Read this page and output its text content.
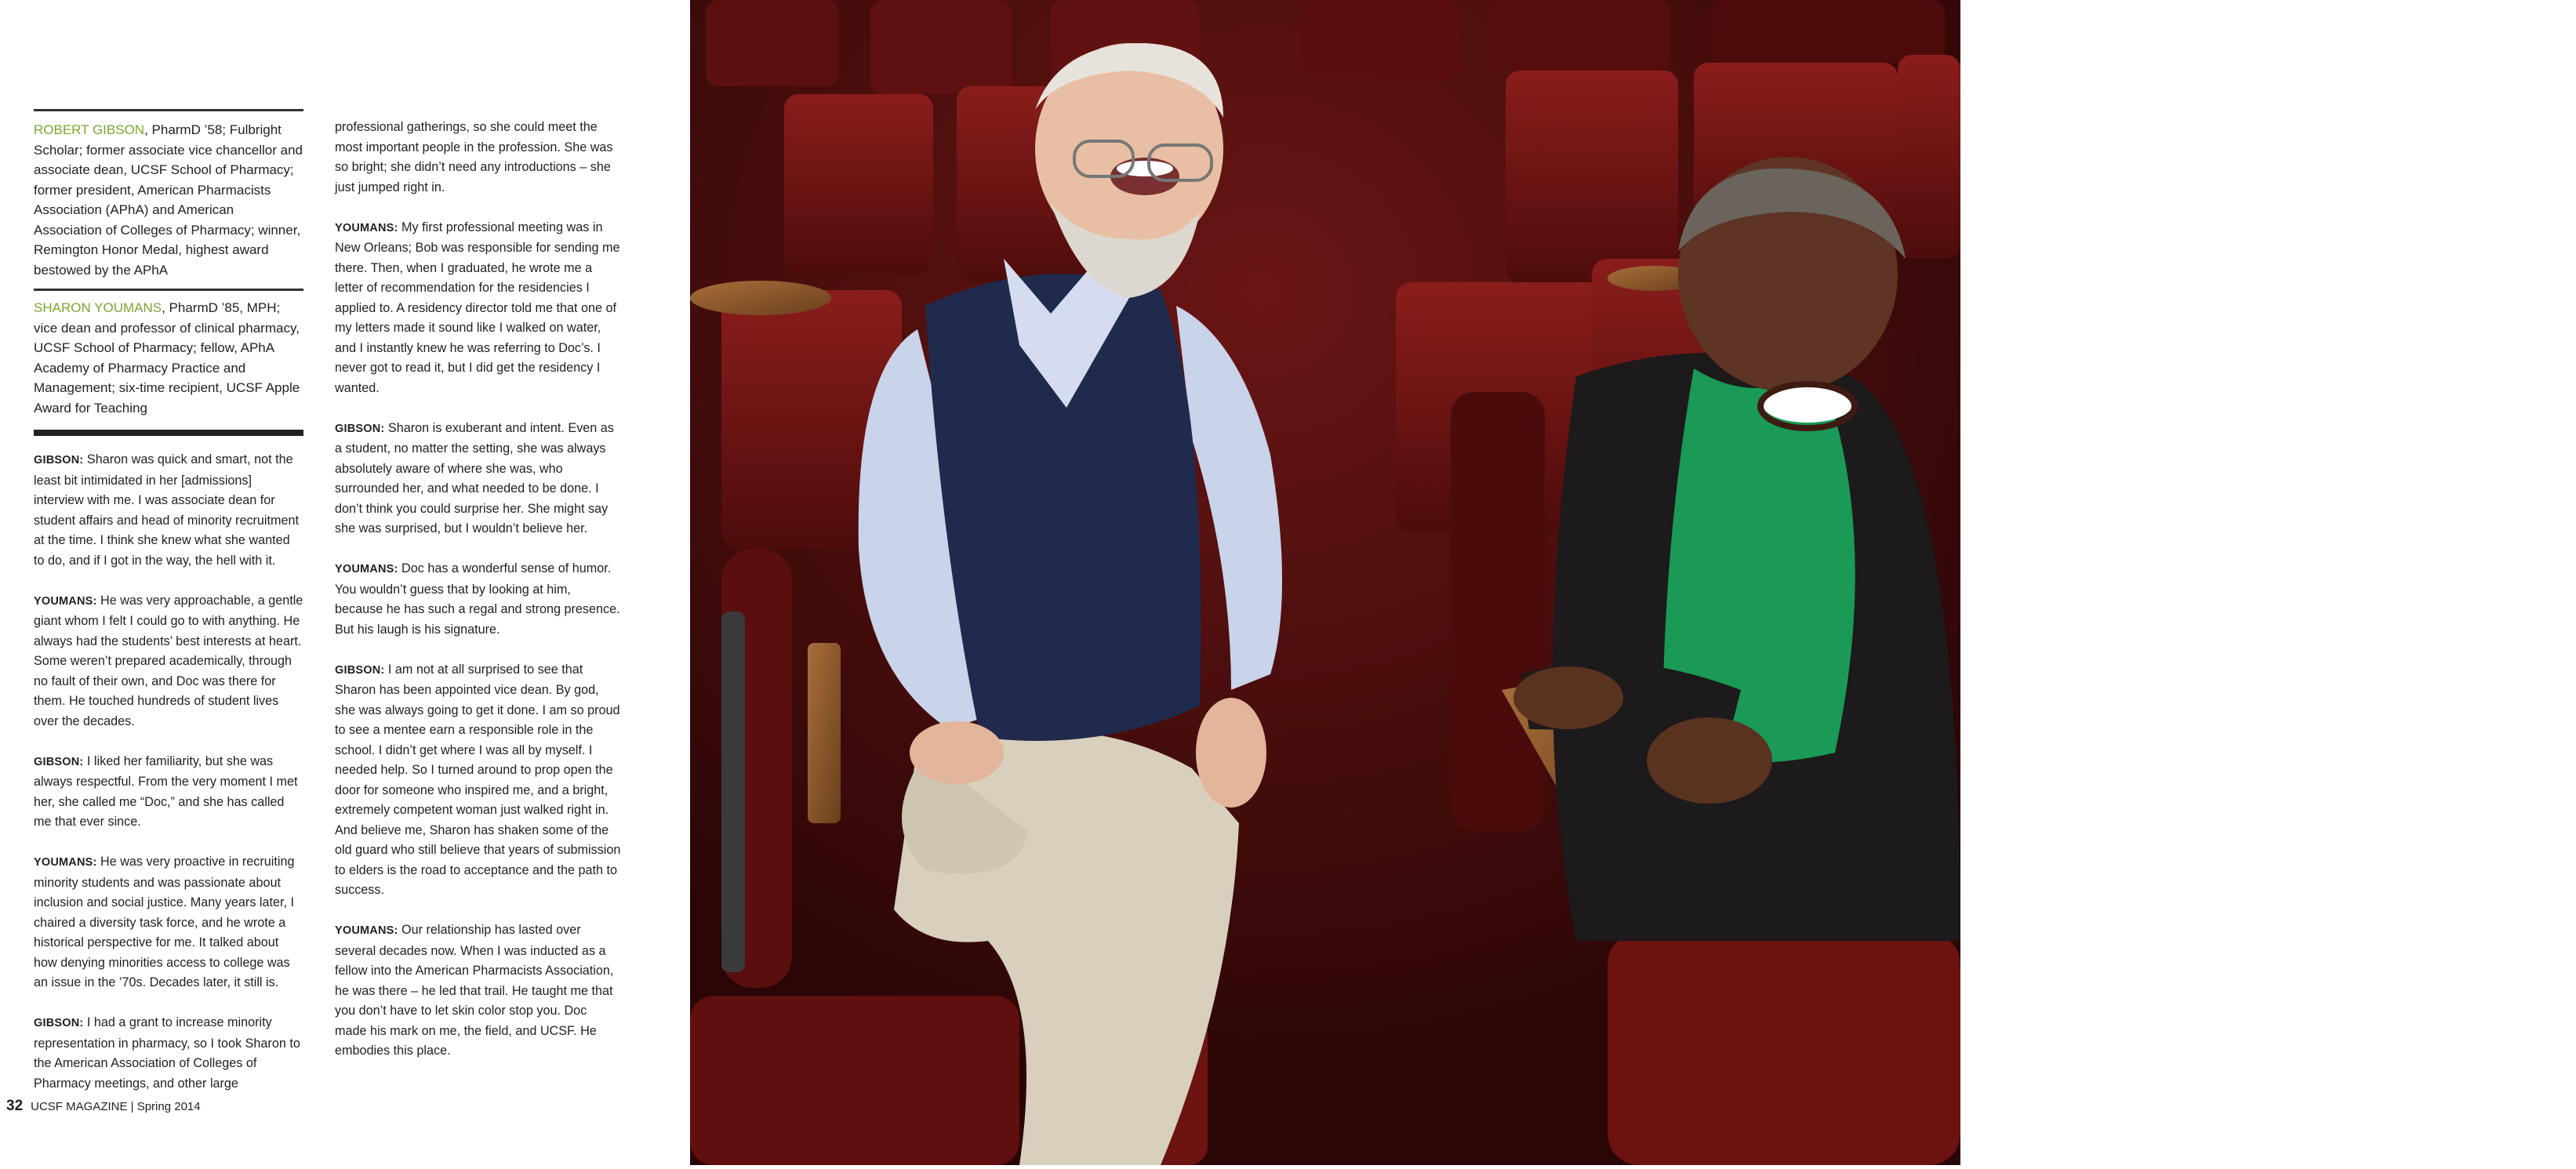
ROBERT GIBSON, PharmD ’58; Fulbright Scholar; former associate vice chancellor and associate dean, UCSF School of Pharmacy; former president, American Pharmacists Association (APhA) and American Association of Colleges of Pharmacy; winner, Remington Honor Medal, highest award bestowed by the APhA
SHARON YOUMANS, PharmD ’85, MPH; vice dean and professor of clinical pharmacy, UCSF School of Pharmacy; fellow, APhA Academy of Pharmacy Practice and Management; six-time recipient, UCSF Apple Award for Teaching

GIBSON: Sharon was quick and smart, not the least bit intimidated in her [admissions] interview with me. I was associate dean for student affairs and head of minority recruitment at the time. I think she knew what she wanted to do, and if I got in the way, the hell with it.

YOUMANS: He was very approachable, a gentle giant whom I felt I could go to with anything. He always had the students’ best interests at heart. Some weren’t prepared academically, through no fault of their own, and Doc was there for them. He touched hundreds of student lives over the decades.

GIBSON: I liked her familiarity, but she was always respectful. From the very moment I met her, she called me “Doc,” and she has called me that ever since.

YOUMANS: He was very proactive in recruiting minority students and was passionate about inclusion and social justice. Many years later, I chaired a diversity task force, and he wrote a historical perspective for me. It talked about how denying minorities access to college was an issue in the ’70s. Decades later, it still is.

GIBSON: I had a grant to increase minority representation in pharmacy, so I took Sharon to the American Association of Colleges of Pharmacy meetings, and other large

professional gatherings, so she could meet the most important people in the profession. She was so bright; she didn’t need any introductions – she just jumped right in.

YOUMANS: My first professional meeting was in New Orleans; Bob was responsible for sending me there. Then, when I graduated, he wrote me a letter of recommendation for the residencies I applied to. A residency director told me that one of my letters made it sound like I walked on water, and I instantly knew he was referring to Doc’s. I never got to read it, but I did get the residency I wanted.

GIBSON: Sharon is exuberant and intent. Even as a student, no matter the setting, she was always absolutely aware of where she was, who surrounded her, and what needed to be done. I don’t think you could surprise her. She might say she was surprised, but I wouldn’t believe her.

YOUMANS: Doc has a wonderful sense of humor. You wouldn’t guess that by looking at him, because he has such a regal and strong presence. But his laugh is his signature.

GIBSON: I am not at all surprised to see that Sharon has been appointed vice dean. By god, she was always going to get it done. I am so proud to see a mentee earn a responsible role in the school. I didn’t get where I was all by myself. I needed help. So I turned around to prop open the door for someone who inspired me, and a bright, extremely competent woman just walked right in. And believe me, Sharon has shaken some of the old guard who still believe that years of submission to elders is the road to acceptance and the path to success.

YOUMANS: Our relationship has lasted over several decades now. When I was inducted as a fellow into the American Pharmacists Association, he was there – he led that trail. He taught me that you don’t have to let skin color stop you. Doc made his mark on me, the field, and UCSF. He embodies this place.

32 UCSF MAGAZINE | Spring 2014
Robert Gibson and Sharon Youmans, photographed at UCSF’s Toland Hall, February 21, 2014.
